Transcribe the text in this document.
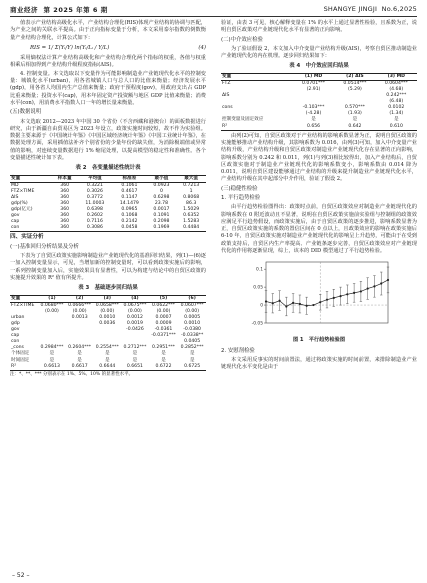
商业经济 第 2025 年第 6 期	SHANGYE JINGJI No.6,2025

值表示产业结构高级化水平，产业结构合理化(RIS)体现产业结构的协调与匹配，为产业之间的关联水平提高。由于正向指标变量于分析，本文采用泰尔指数的倒数衡量产业结构合理化，计算公式如下：

RIS = 1/ Σ(Yᵢ/Y) ln(Yᵢ/Lᵢ / Y/L)	(4)

采用熵权法计算产业结构高级化和产业结构合理化两个指标的权重，各值与权重相乘后相加得到产业结构升级程度指标(ΔIS)。

4. 控制变量。本文选取以下变量作为可能影响制造业产业链现代化水平的控制变量：城镇化水平(urban)，用各省城镇人口与总人口的比值来衡量；经济发展水平(gdp)，用各省人均国内生产总值来衡量；政府干预程度(gov)，用政府支出占 GDP 比重来衡量；投资水平(cap)，用本年固定资产投资额与地区 GDP 比值来衡量；消费水平(con)，用消费水平指数人口一年的增长量来衡量。

(五)数据说明

本文选取 2012—2023 年中国 30 个省份（不含西藏和港澳台）的面板数据进行研究，由于新疆自由贸易区为 2023 年设立，政策实施时间较短，故不作为实验组。数据主要来源于《中国统计年鉴》《中国区域经济统计年鉴》《中国工业统计年鉴》，在数据处理方面，采用插值法补齐个别省份的少量年份的缺失值，为消除极端值或异常值的影响，对连续变量数据进行 1% 缩尾处理，以提高模型的稳定性和准确性。各个变量描述性统计如下表。

表 2　各变量描述性统计表
变量	样本量	平均值	标准差	最小值	最大值
MD	360	0.3221	0.1061	0.0923	0.7213
FTZ×TIME	360	0.3026	0.4617	0	1
ΔIS	360	0.3772	0.1147	0.6298	0.8068
gdp(%)	360	11.0003	14.1479	23.78	86.3
gdp(亿元)	360	0.6398	0.0965	0.0017	1.5029
gov	360	0.2602	0.1068	0.1091	0.6352
cap	360	0.7116	0.2142	0.2098	1.5283
con	360	0.3086	0.0458	0.1969	0.4484
四、实证分析
(一)基准回归分析结果及分析

下表为了自贸区政策实施影响制造业产业链现代化的基准回归结果，列(1)—(6)逐一加入控制变量显示，可见，当增加新的控制变量时，可以看到政策实施后的影响，一系列控制变量加入后，实施效果具有显著性，可以为构建与结论中的自贸区政策的实施提升效果的 R² 值有所提升。

表 3　基础逐步回归结果
变量	(1)	(2)	(3)	(4)	(5)	(6)
FTZ×TIME	0.0680***	0.0666***	0.0658***	0.0675***	0.0622***	0.0607***
	(0.00)	(0.00)	(0.00)	(0.00)	(0.00)	(0.00)
urban		0.0013	0.0010	0.0012	0.0007	0.0005
gdp			0.0036	0.0019	0.0009	0.0010
gov				-0.0426	-0.0361	-0.0380
cap					-0.0371***	-0.0338**
con						0.0405
_cons	0.2984***	0.2604***	0.2554***	0.2712***	0.2951***	0.2852***
个体固定	是	是	是	是	是	是
时间固定	是	是	是	是	是	是
R²	0.6613	0.6617	0.6644	0.6651	0.6722	0.6725
注：*、**、*** 分别表示在 1%、5%、10% 的显著性水平。

验证，由表 3 可见，核心解释变量在 1% 的水平上通过显著性检验，且系数为正，说明自贸区政策对产业链现代化水平有显著的正向影响。

(二)中介效应检验

为了验证假设 2，本文加入中介变量产业结构升级(ΔIS)，考察自贸区推动制造业产业链现代化的内在机理。逐步回归结果如下：

表 4　中介效应回归结果
变量	(1) MD	(2) ΔIS	(3) MD
FTZ	0.0701***	0.0514***	0.0604***
	(2.91)	(5.29)	(4.68)
ΔIS			0.242***
			(6.48)
cons	-0.103***	0.570***	0.0102
	(-4.28)	(1.93)	(1.34)
控制变量及固定效应	是	是	是
R²	0.656	0.642	0.610

由列(2)可知，自贸区政策对于产业结构的影响系数显著为正，说明自贸区政策的实施能够推动产业结构升级，其影响系数为 0.016，由列(3)可知，加入中介变量产业结构升级，产业结构升级和自贸区政策对制造业产业链现代化存在显著的正向影响，影响系数分别为 0.242 和 0.011，列(1)与列(3)相比较得出，加入产业结构后，自贸区政策实施对于制造业产业链现代化的影响系数变小，影响系数由 0.014 降为 0.011，说明自贸区建设能够通过产业结构的升级来提升制造业产业链现代化水平，产业结构升级在其中起部分中介作用，验证了假设 2。

(三)稳健性检验
1. 平行趋势检验

由平行趋势检验图得出：政策时点前，自贸区政策效应对制造业产业链现代化的影响系数在 0 附近波动且不显著，说明在自贸区政策实施前实验组与控制组的政策效应满足平行趋势假设，而政策实施后，由于自贸区政策的逐步推进，影响系数显著为正，自贸区政策实施的系数的置信区间在 0 点以上，且政策效应的影响在政策实施后 6-10 年，自贸区政策实施对制造业产业链现代化的影响呈上升趋势，可能由于在受到政策支持后，自贸区内生产率提高、产业链条逐步完善，自贸区政策效应对产业链现代化的作用将逐渐显现，综上，该本的 DID 模型通过了平行趋势检验。

-0.05
0
0.05
0.1
图 1　平行趋势检验图
2. 安慰剂检验

本文采用反事实的时间前置法，通过将政策实施的时间前置，来排除制造业产业链现代化水平变化是由于

– 52 –
